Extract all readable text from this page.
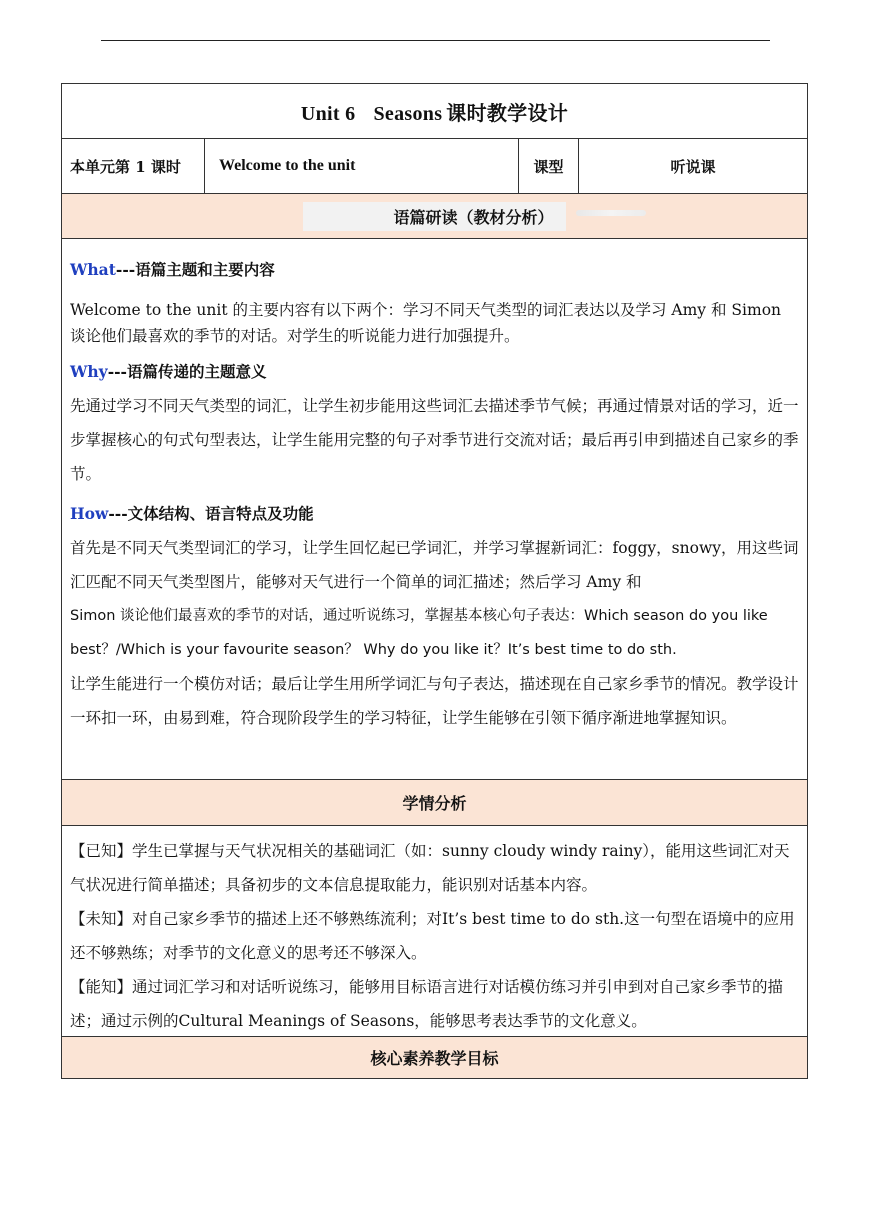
Unit 6 Seasons 课时教学设计
本单元第 1 课时	Welcome to the unit	课型	听说课
语篇研读（教材分析）

What---语篇主题和主要内容

Welcome to the unit 的主要内容有以下两个：学习不同天气类型的词汇表达以及学习 Amy 和 Simon 谈论他们最喜欢的季节的对话。对学生的听说能力进行加强提升。

Why---语篇传递的主题意义

先通过学习不同天气类型的词汇，让学生初步能用这些词汇去描述季节气候；再通过情景对话的学习，近一步掌握核心的句式句型表达，让学生能用完整的句子对季节进行交流对话；最后再引申到描述自己家乡的季节。

How---文体结构、语言特点及功能

首先是不同天气类型词汇的学习，让学生回忆起已学词汇，并学习掌握新词汇：foggy，snowy，用这些词汇匹配不同天气类型图片，能够对天气进行一个简单的词汇描述；然后学习 Amy 和

Simon 谈论他们最喜欢的季节的对话，通过听说练习，掌握基本核心句子表达：Which season do you like best？/Which is your favourite season？ Why do you like it？It’s best time to do sth.

让学生能进行一个模仿对话；最后让学生用所学词汇与句子表达，描述现在自己家乡季节的情况。教学设计一环扣一环，由易到难，符合现阶段学生的学习特征，让学生能够在引领下循序渐进地掌握知识。

学情分析

【已知】学生已掌握与天气状况相关的基础词汇（如：sunny cloudy windy rainy），能用这些词汇对天气状况进行简单描述；具备初步的文本信息提取能力，能识别对话基本内容。

【未知】对自己家乡季节的描述上还不够熟练流利；对It’s best time to do sth.这一句型在语境中的应用还不够熟练；对季节的文化意义的思考还不够深入。

【能知】通过词汇学习和对话听说练习，能够用目标语言进行对话模仿练习并引申到对自己家乡季节的描述；通过示例的Cultural Meanings of Seasons，能够思考表达季节的文化意义。

核心素养教学目标
